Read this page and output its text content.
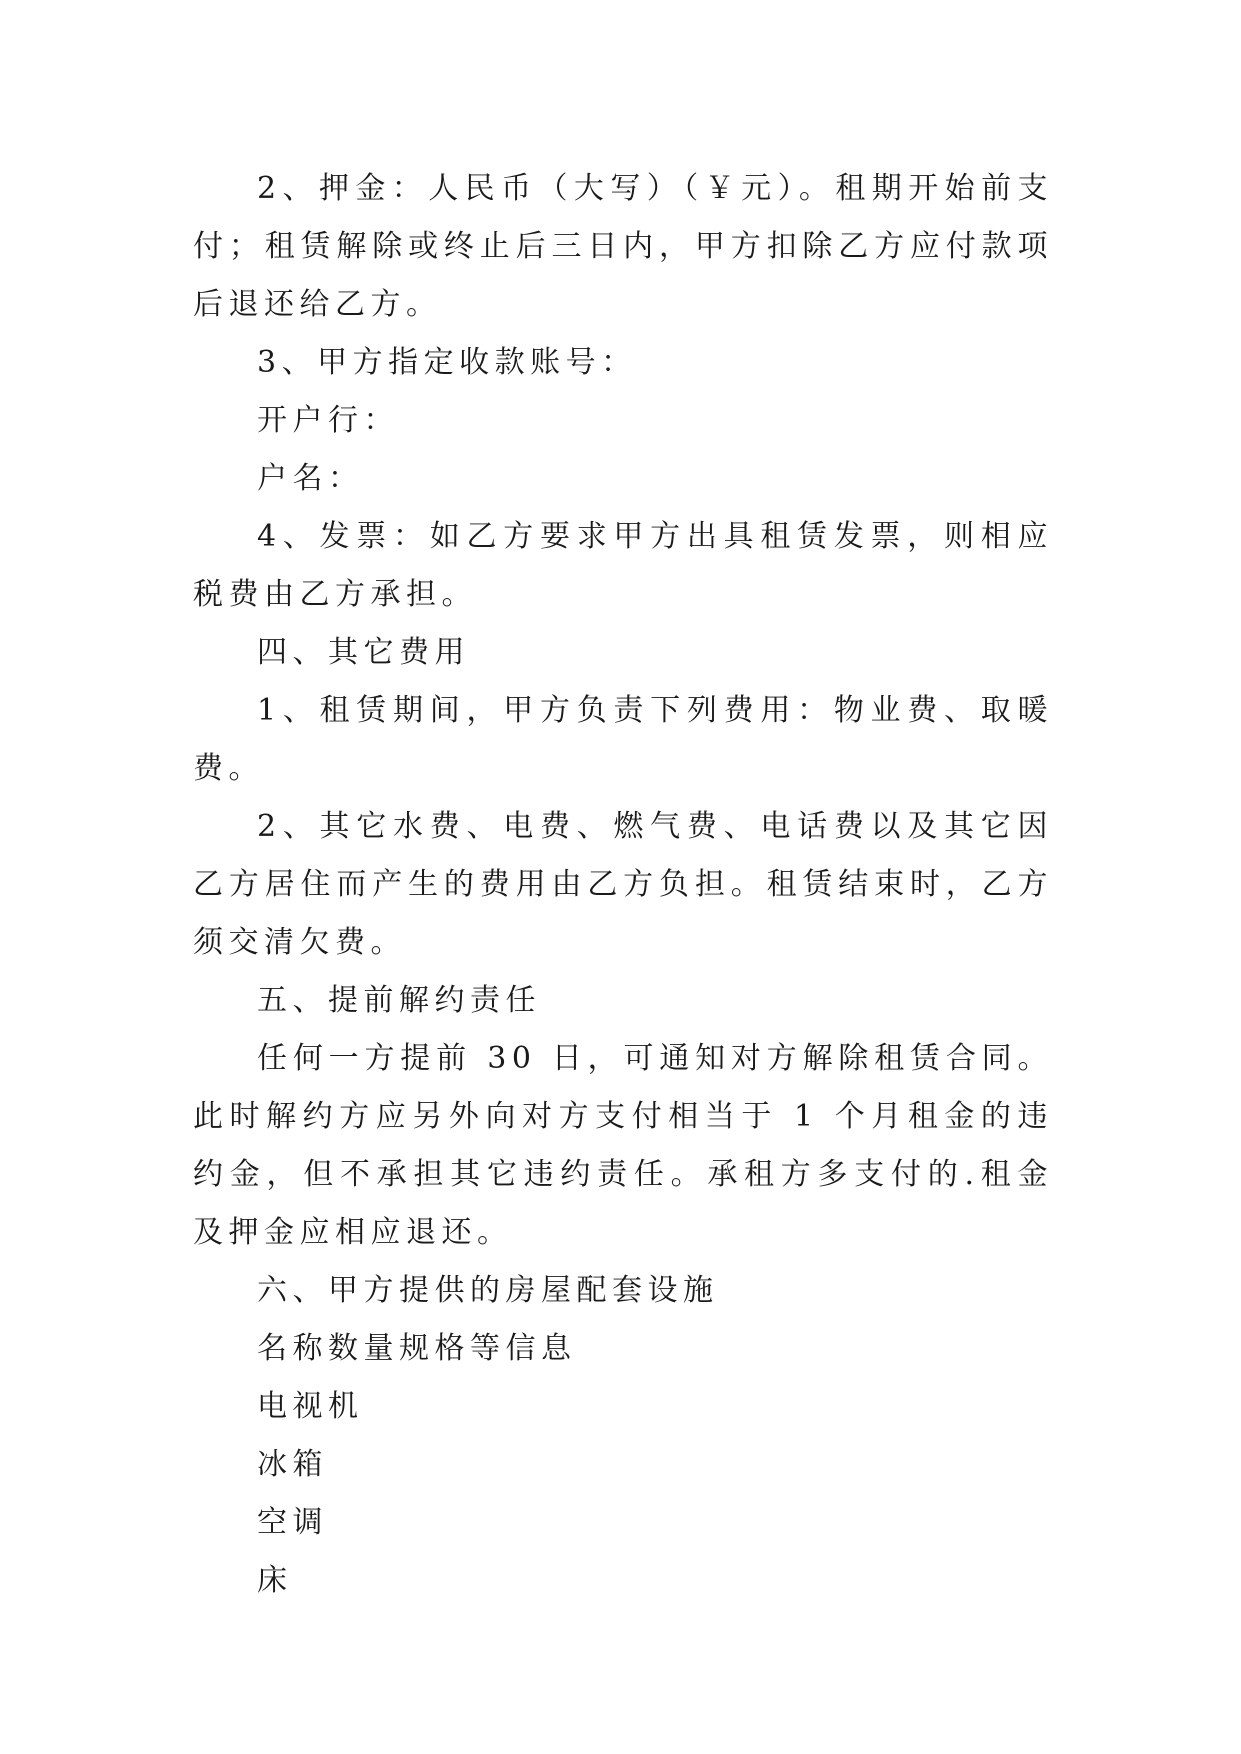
2、押金：人民币（大写）（￥元）。租期开始前支付；租赁解除或终止后三日内，甲方扣除乙方应付款项后退还给乙方。

3、甲方指定收款账号：

开户行：

户名：

4、发票：如乙方要求甲方出具租赁发票，则相应税费由乙方承担。

四、其它费用

1、租赁期间，甲方负责下列费用：物业费、取暖费。

2、其它水费、电费、燃气费、电话费以及其它因乙方居住而产生的费用由乙方负担。租赁结束时，乙方须交清欠费。

五、提前解约责任

任何一方提前 30 日，可通知对方解除租赁合同。此时解约方应另外向对方支付相当于 1 个月租金的违约金，但不承担其它违约责任。承租方多支付的.租金及押金应相应退还。

六、甲方提供的房屋配套设施

名称数量规格等信息

电视机

冰箱

空调

床
